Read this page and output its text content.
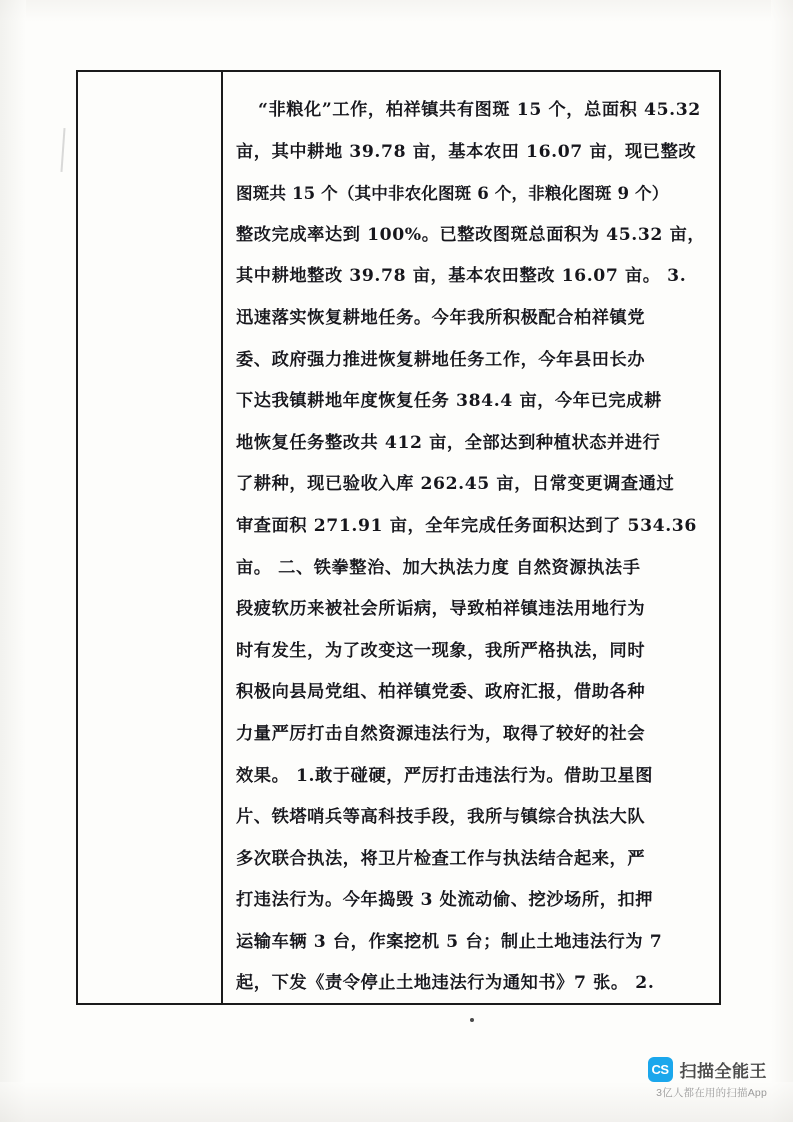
“非粮化”工作，柏祥镇共有图斑 15 个，总面积 45.32
亩，其中耕地 39.78 亩，基本农田 16.07 亩，现已整改
图斑共 15 个（其中非农化图斑 6 个，非粮化图斑 9 个）
整改完成率达到 100%。已整改图斑总面积为 45.32 亩，
其中耕地整改 39.78 亩，基本农田整改 16.07 亩。 3.
迅速落实恢复耕地任务。今年我所积极配合柏祥镇党
委、政府强力推进恢复耕地任务工作，今年县田长办
下达我镇耕地年度恢复任务 384.4 亩，今年已完成耕
地恢复任务整改共 412 亩，全部达到种植状态并进行
了耕种，现已验收入库 262.45 亩，日常变更调查通过
审查面积 271.91 亩，全年完成任务面积达到了 534.36
亩。 二、铁拳整治、加大执法力度 自然资源执法手
段疲软历来被社会所诟病，导致柏祥镇违法用地行为
时有发生，为了改变这一现象，我所严格执法，同时
积极向县局党组、柏祥镇党委、政府汇报，借助各种
力量严厉打击自然资源违法行为，取得了较好的社会
效果。 1.敢于碰硬，严厉打击违法行为。借助卫星图
片、铁塔哨兵等高科技手段，我所与镇综合执法大队
多次联合执法，将卫片检查工作与执法结合起来，严
打违法行为。今年捣毁 3 处流动偷、挖沙场所，扣押
运输车辆 3 台，作案挖机 5 台；制止土地违法行为 7
起，下发《责令停止土地违法行为通知书》7 张。 2.
CS 扫描全能王
3亿人都在用的扫描App
